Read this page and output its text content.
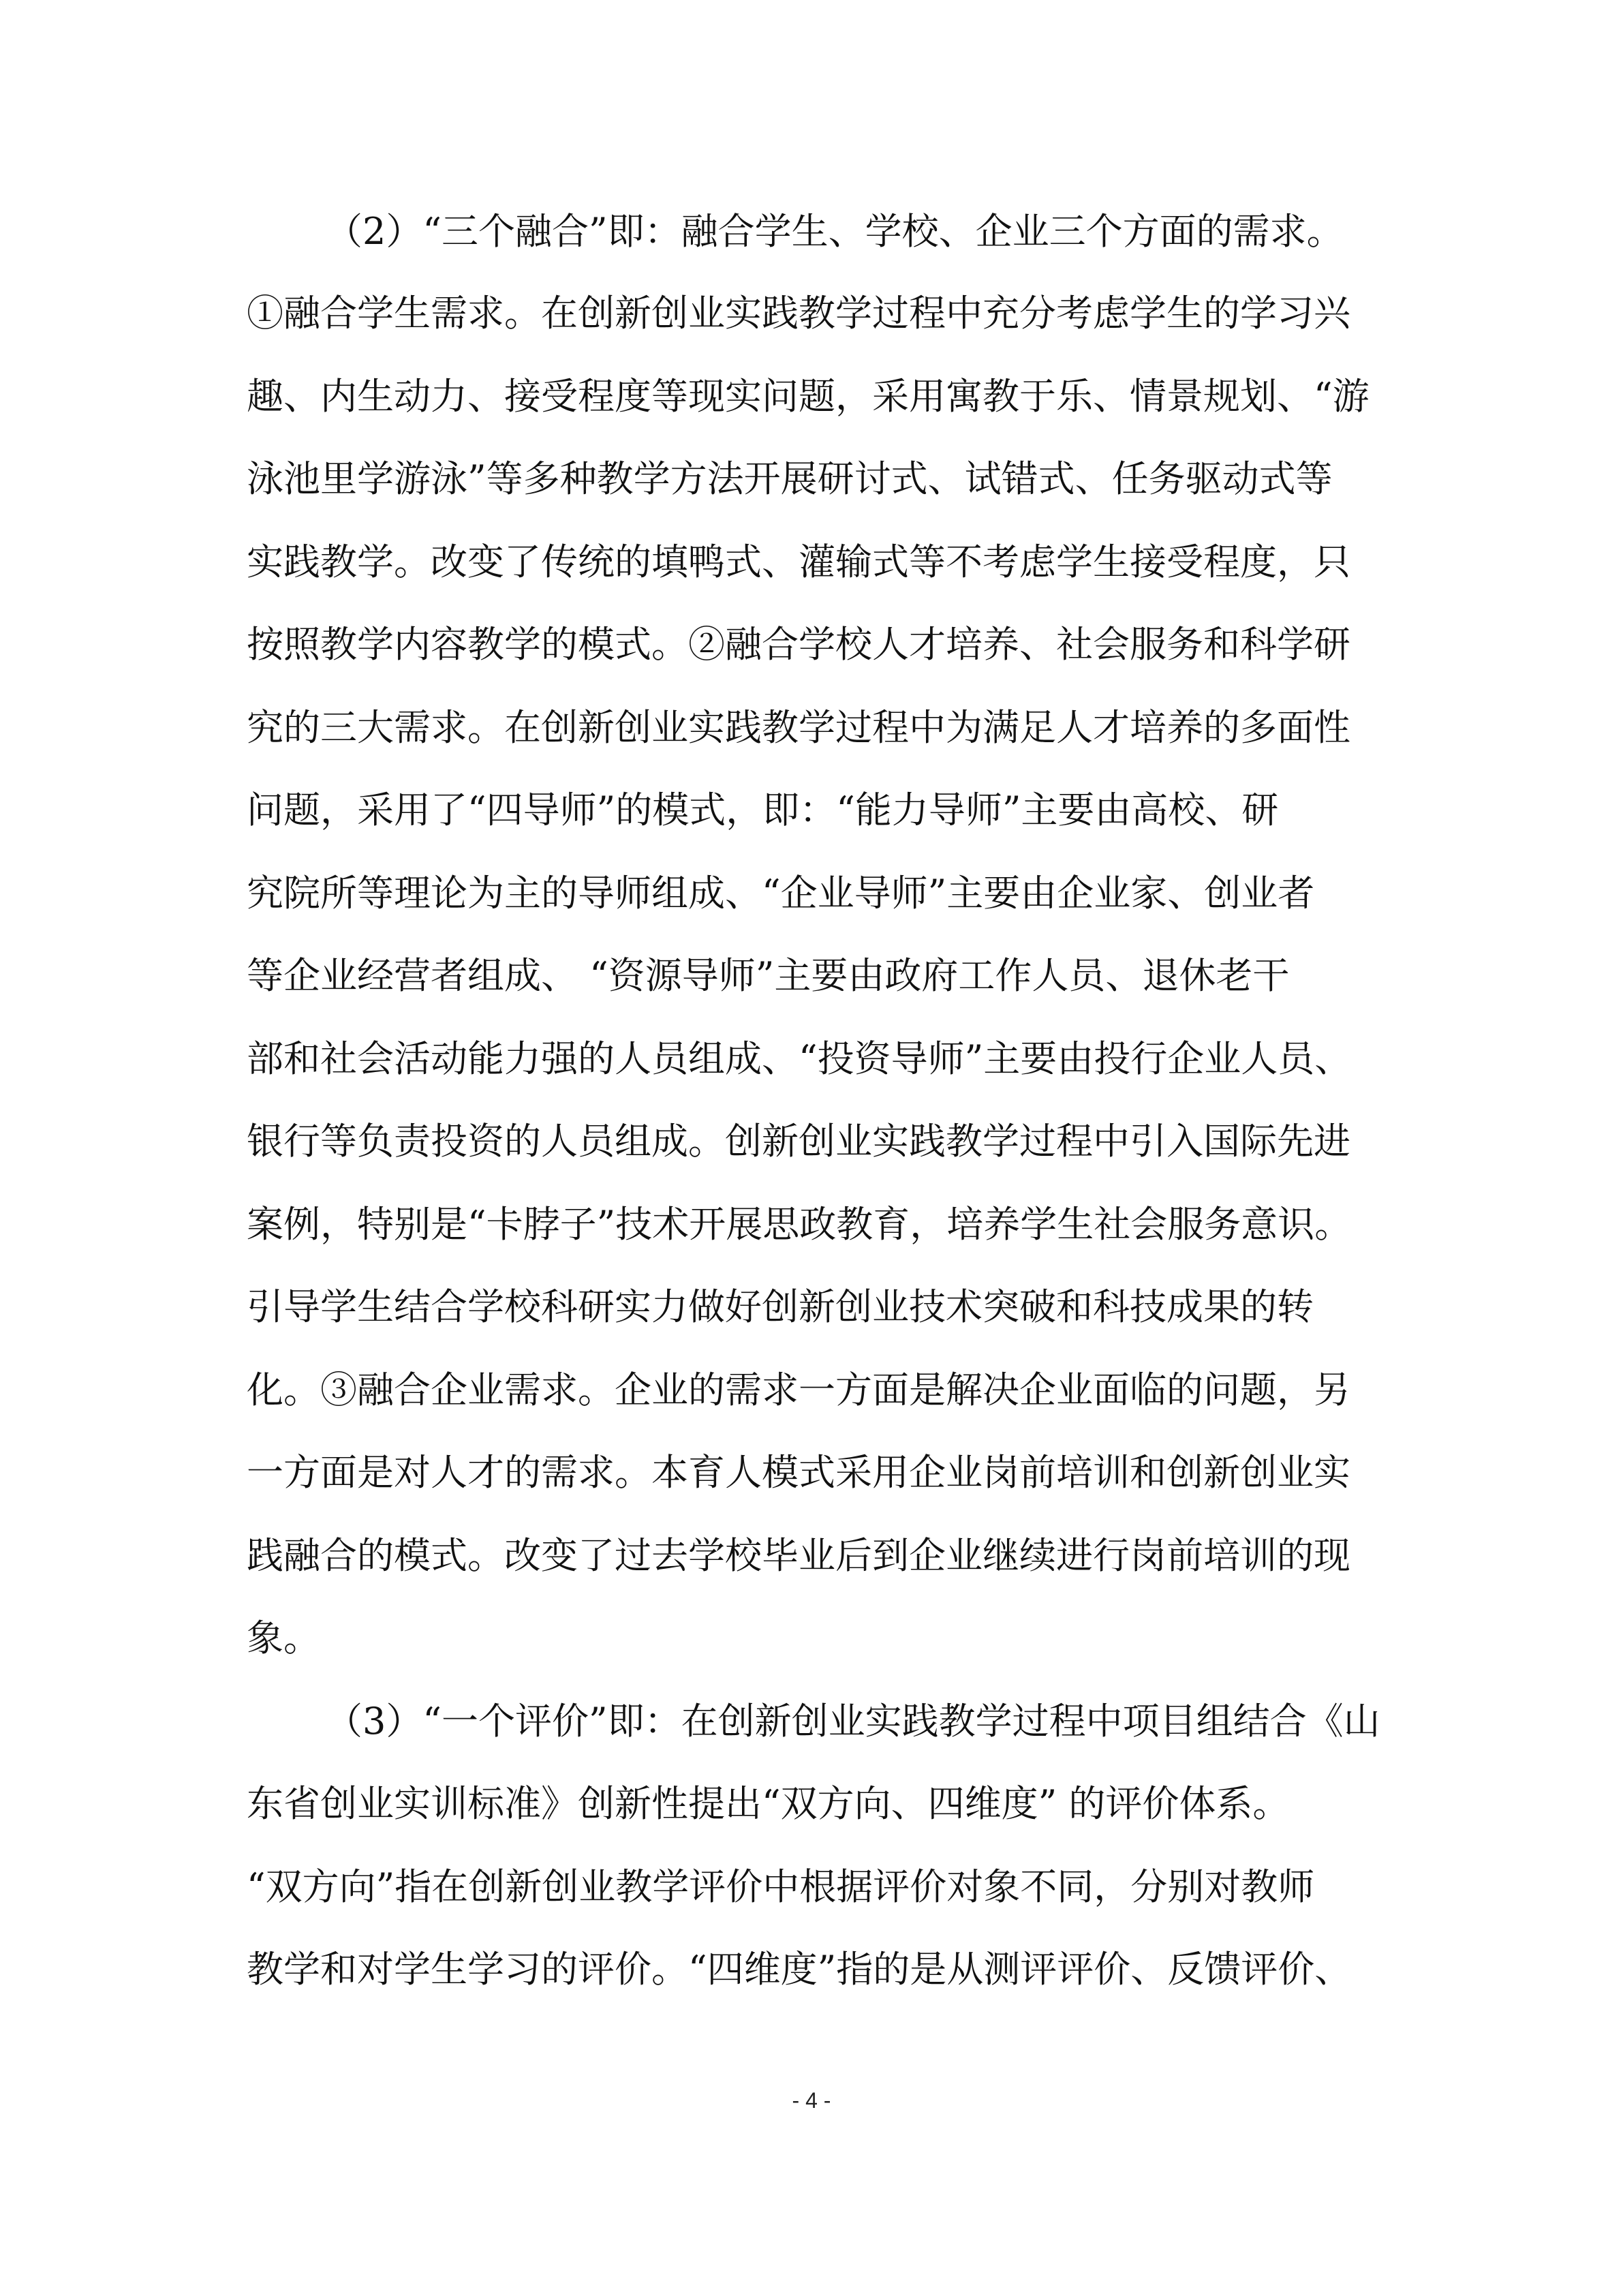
（2）“三个融合”即：融合学生、学校、企业三个方面的需求。
①融合学生需求。在创新创业实践教学过程中充分考虑学生的学习兴
趣、内生动力、接受程度等现实问题，采用寓教于乐、情景规划、“游
泳池里学游泳”等多种教学方法开展研讨式、试错式、任务驱动式等
实践教学。改变了传统的填鸭式、灌输式等不考虑学生接受程度，只
按照教学内容教学的模式。②融合学校人才培养、社会服务和科学研
究的三大需求。在创新创业实践教学过程中为满足人才培养的多面性
问题，采用了“四导师”的模式，即：“能力导师”主要由高校、研
究院所等理论为主的导师组成、“企业导师”主要由企业家、创业者
等企业经营者组成、 “资源导师”主要由政府工作人员、退休老干
部和社会活动能力强的人员组成、“投资导师”主要由投行企业人员、
银行等负责投资的人员组成。创新创业实践教学过程中引入国际先进
案例，特别是“卡脖子”技术开展思政教育，培养学生社会服务意识。
引导学生结合学校科研实力做好创新创业技术突破和科技成果的转
化。③融合企业需求。企业的需求一方面是解决企业面临的问题，另
一方面是对人才的需求。本育人模式采用企业岗前培训和创新创业实
践融合的模式。改变了过去学校毕业后到企业继续进行岗前培训的现
象。
（3）“一个评价”即：在创新创业实践教学过程中项目组结合《山
东省创业实训标准》创新性提出“双方向、四维度” 的评价体系。
“双方向”指在创新创业教学评价中根据评价对象不同，分别对教师
教学和对学生学习的评价。“四维度”指的是从测评评价、反馈评价、
- 4 -
